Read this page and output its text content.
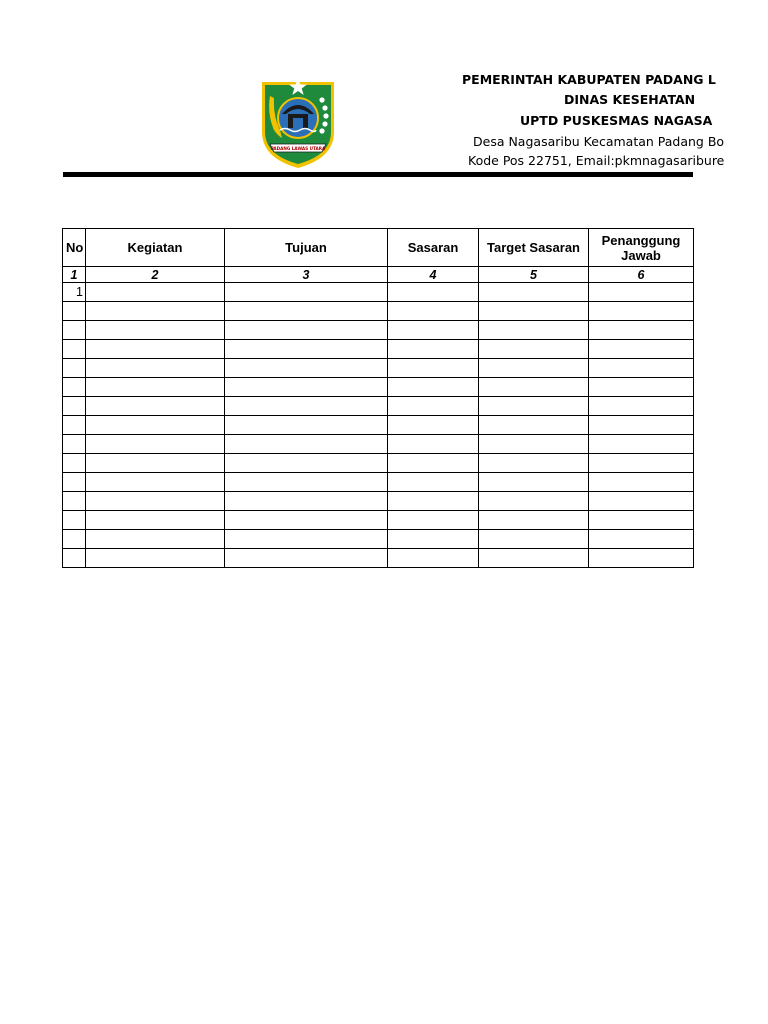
PADANG LAWAS UTARA
PEMERINTAH KABUPATEN PADANG L
DINAS KESEHATAN
UPTD PUSKESMAS NAGASA
Desa Nagasaribu Kecamatan Padang Bo
Kode Pos 22751, Email:pkmnagasaribure
No	Kegiatan	Tujuan	Sasaran	Target Sasaran	Penanggung Jawab
1	2	3	4	5	6
1					
